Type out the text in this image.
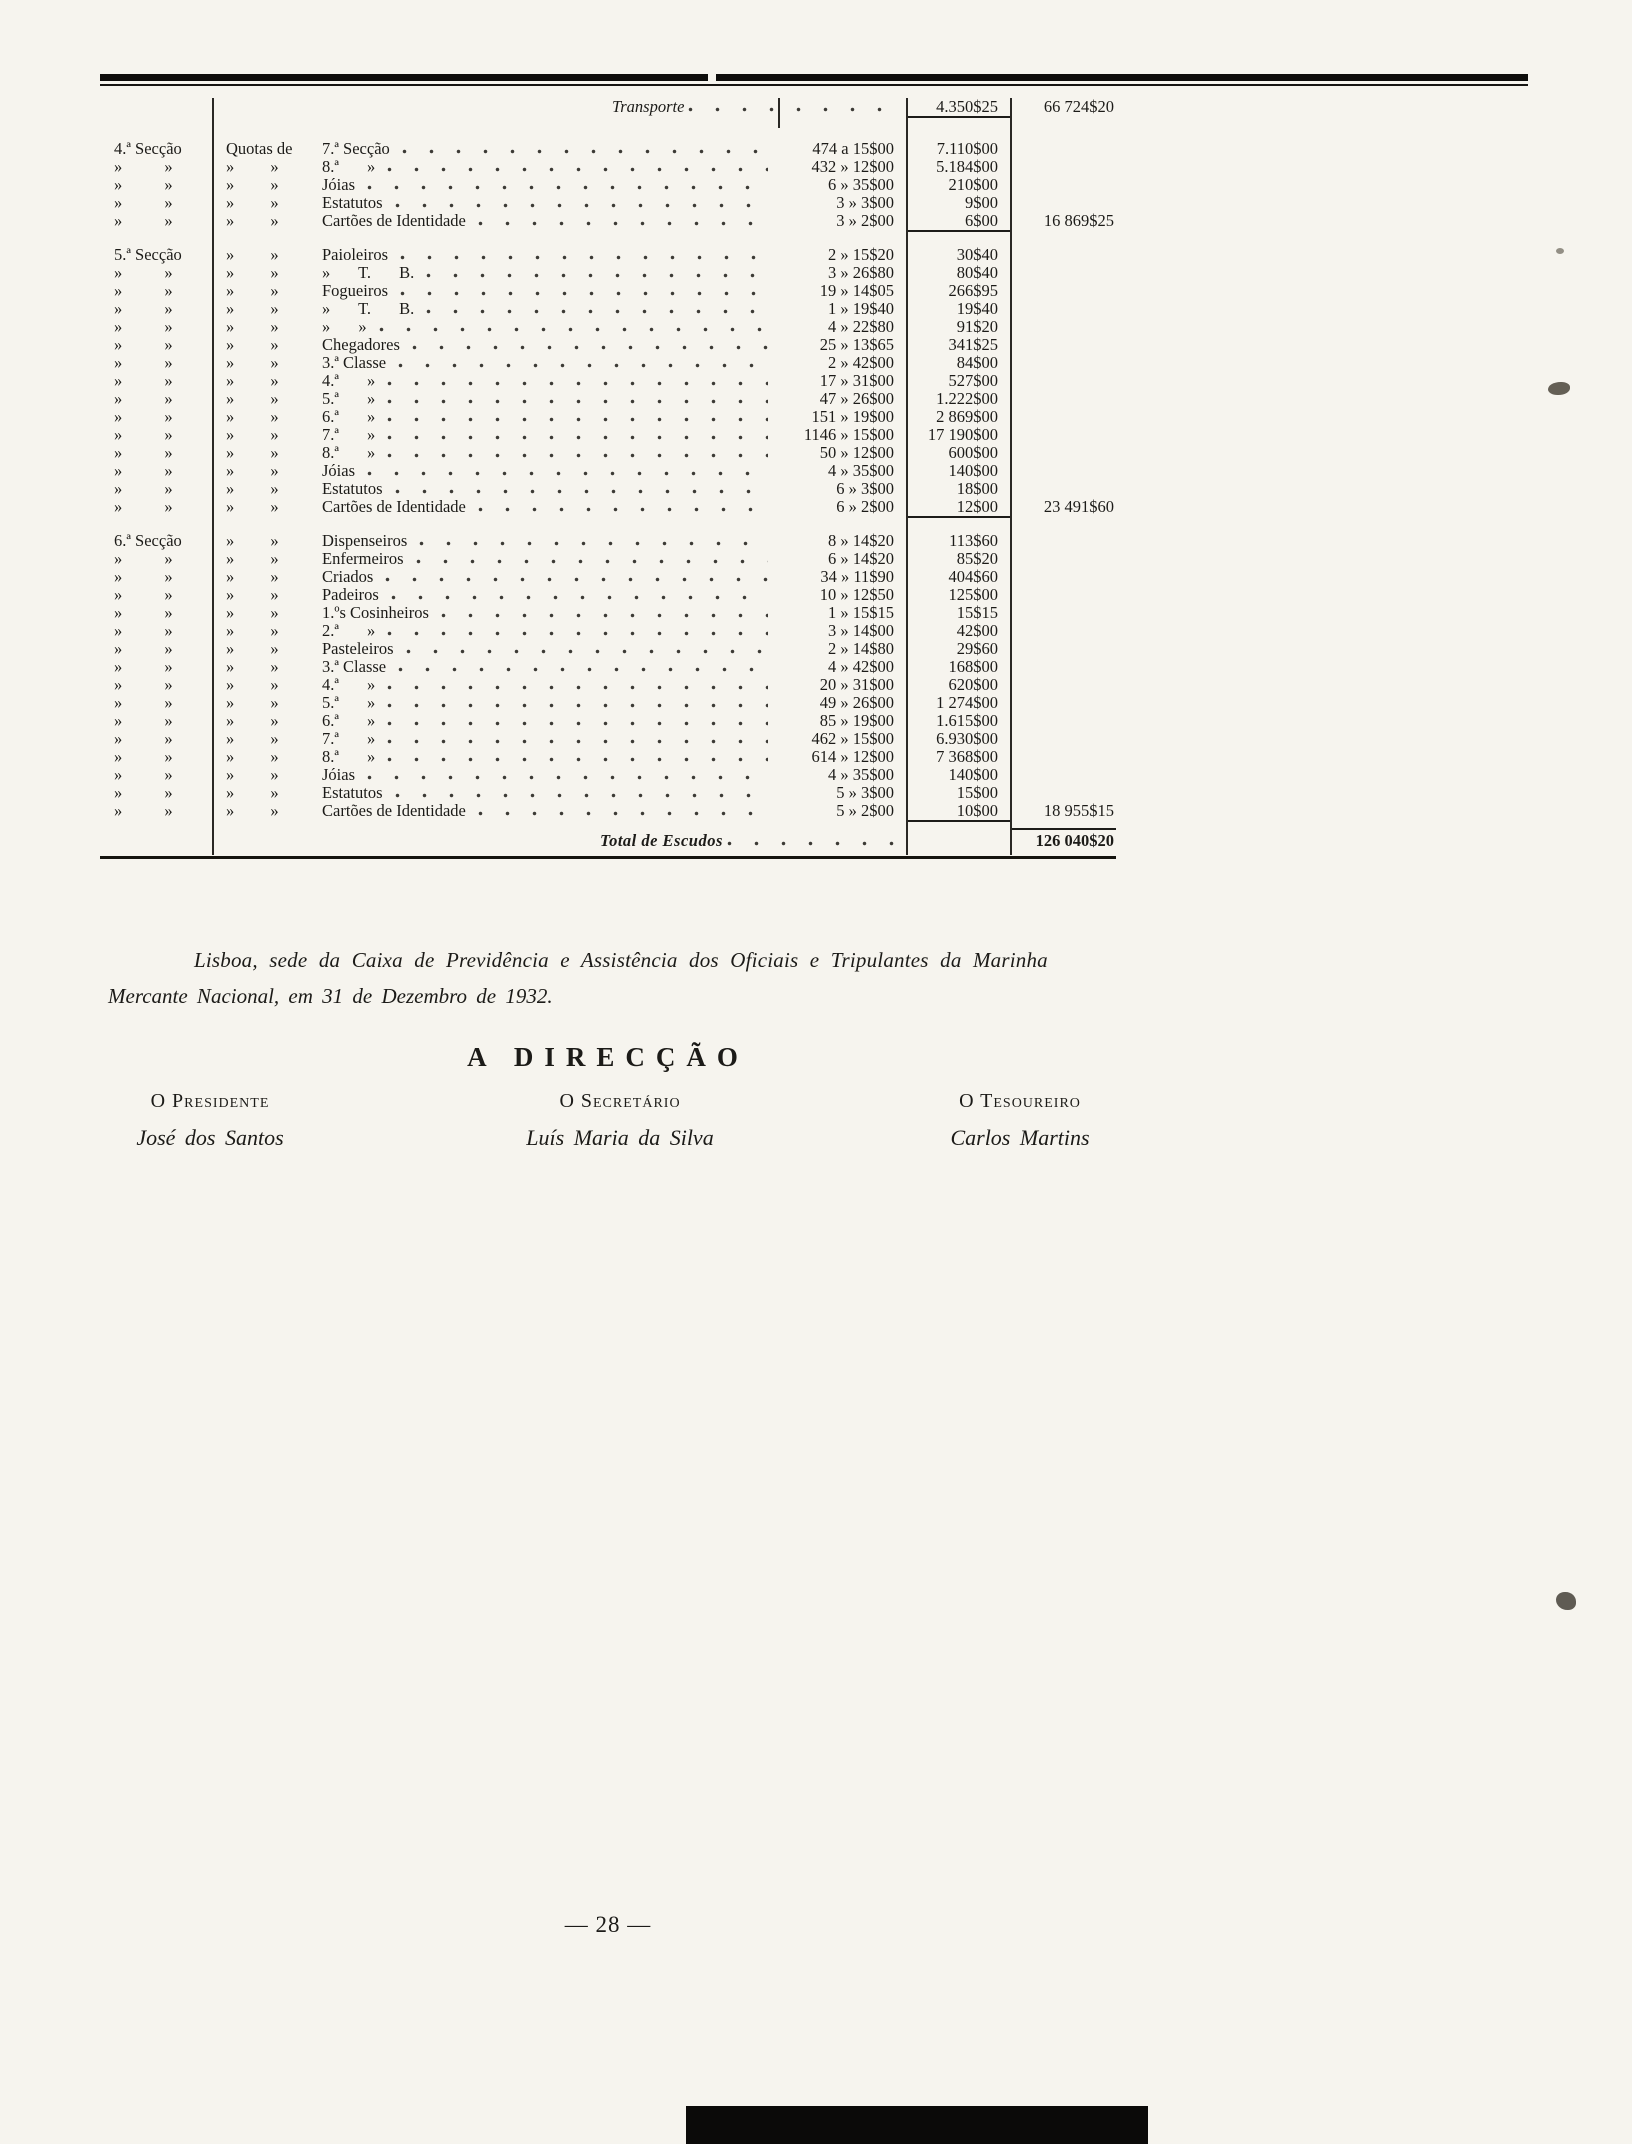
Transporte	4.350$25	66 724$20
4.ª Secção	Quotas de	7.ª Secção	474 a 15$00	7.110$00
» »	» »	8.ª »	432 » 12$00	5.184$00
» »	» »	Jóias	6 » 35$00	210$00
» »	» »	Estatutos	3 » 3$00	9$00
» »	» »	Cartões de Identidade	3 » 2$00	6$00	16 869$25
5.ª Secção	» »	Paioleiros	2 » 15$20	30$40
» »	» »	» T. B.	3 » 26$80	80$40
» »	» »	Fogueiros	19 » 14$05	266$95
» »	» »	» T. B.	1 » 19$40	19$40
» »	» »	» »	4 » 22$80	91$20
» »	» »	Chegadores	25 » 13$65	341$25
» »	» »	3.ª Classe	2 » 42$00	84$00
» »	» »	4.ª »	17 » 31$00	527$00
» »	» »	5.ª »	47 » 26$00	1.222$00
» »	» »	6.ª »	151 » 19$00	2 869$00
» »	» »	7.ª »	1146 » 15$00	17 190$00
» »	» »	8.ª »	50 » 12$00	600$00
» »	» »	Jóias	4 » 35$00	140$00
» »	» »	Estatutos	6 » 3$00	18$00
» »	» »	Cartões de Identidade	6 » 2$00	12$00	23 491$60
6.ª Secção	» »	Dispenseiros	8 » 14$20	113$60
» »	» »	Enfermeiros	6 » 14$20	85$20
» »	» »	Criados	34 » 11$90	404$60
» »	» »	Padeiros	10 » 12$50	125$00
» »	» »	1.ºs Cosinheiros	1 » 15$15	15$15
» »	» »	2.ª »	3 » 14$00	42$00
» »	» »	Pasteleiros	2 » 14$80	29$60
» »	» »	3.ª Classe	4 » 42$00	168$00
» »	» »	4.ª »	20 » 31$00	620$00
» »	» »	5.ª »	49 » 26$00	1 274$00
» »	» »	6.ª »	85 » 19$00	1.615$00
» »	» »	7.ª »	462 » 15$00	6.930$00
» »	» »	8.ª »	614 » 12$00	7 368$00
» »	» »	Jóias	4 » 35$00	140$00
» »	» »	Estatutos	5 » 3$00	15$00
» »	» »	Cartões de Identidade	5 » 2$00	10$00	18 955$15
Total de Escudos	126 040$20
Lisboa, sede da Caixa de Previdência e Assistência dos Oficiais e Tripulantes da Marinha
Mercante Nacional, em 31 de Dezembro de 1932.
A DIRECÇÃO
O Presidente
José dos Santos
O Secretário
Luís Maria da Silva
O Tesoureiro
Carlos Martins
— 28 —
